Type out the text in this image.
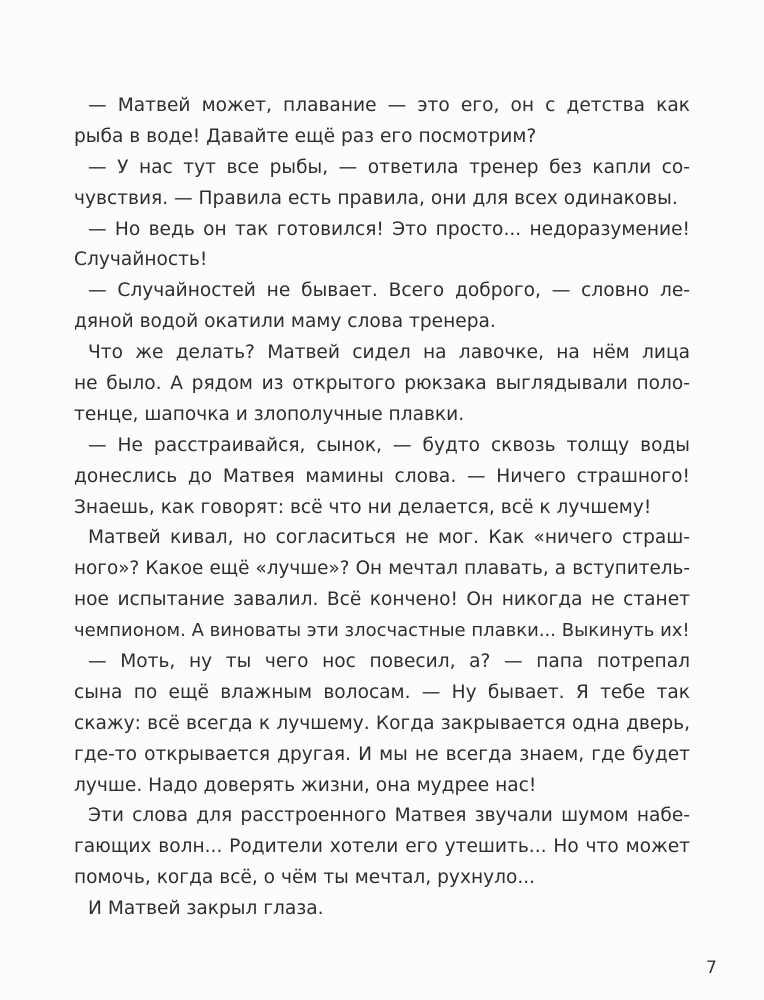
— Матвей может, плавание — это его, он с детства как
рыба в воде! Давайте ещё раз его посмотрим?
— У нас тут все рыбы, — ответила тренер без капли со-
чувствия. — Правила есть правила, они для всех одинаковы.
— Но ведь он так готовился! Это просто... недоразумение!
Случайность!
— Случайностей не бывает. Всего доброго, — словно ле-
дяной водой окатили маму слова тренера.
Что же делать? Матвей сидел на лавочке, на нём лица
не было. А рядом из открытого рюкзака выглядывали поло-
тенце, шапочка и злополучные плавки.
— Не расстраивайся, сынок, — будто сквозь толщу воды
донеслись до Матвея мамины слова. — Ничего страшного!
Знаешь, как говорят: всё что ни делается, всё к лучшему!
Матвей кивал, но согласиться не мог. Как «ничего страш-
ного»? Какое ещё «лучше»? Он мечтал плавать, а вступитель-
ное испытание завалил. Всё кончено! Он никогда не станет
чемпионом. А виноваты эти злосчастные плавки... Выкинуть их!
— Моть, ну ты чего нос повесил, а? — папа потрепал
сына по ещё влажным волосам. — Ну бывает. Я тебе так
скажу: всё всегда к лучшему. Когда закрывается одна дверь,
где-то открывается другая. И мы не всегда знаем, где будет
лучше. Надо доверять жизни, она мудрее нас!
Эти слова для расстроенного Матвея звучали шумом набе-
гающих волн... Родители хотели его утешить... Но что может
помочь, когда всё, о чём ты мечтал, рухнуло...
И Матвей закрыл глаза.
7
